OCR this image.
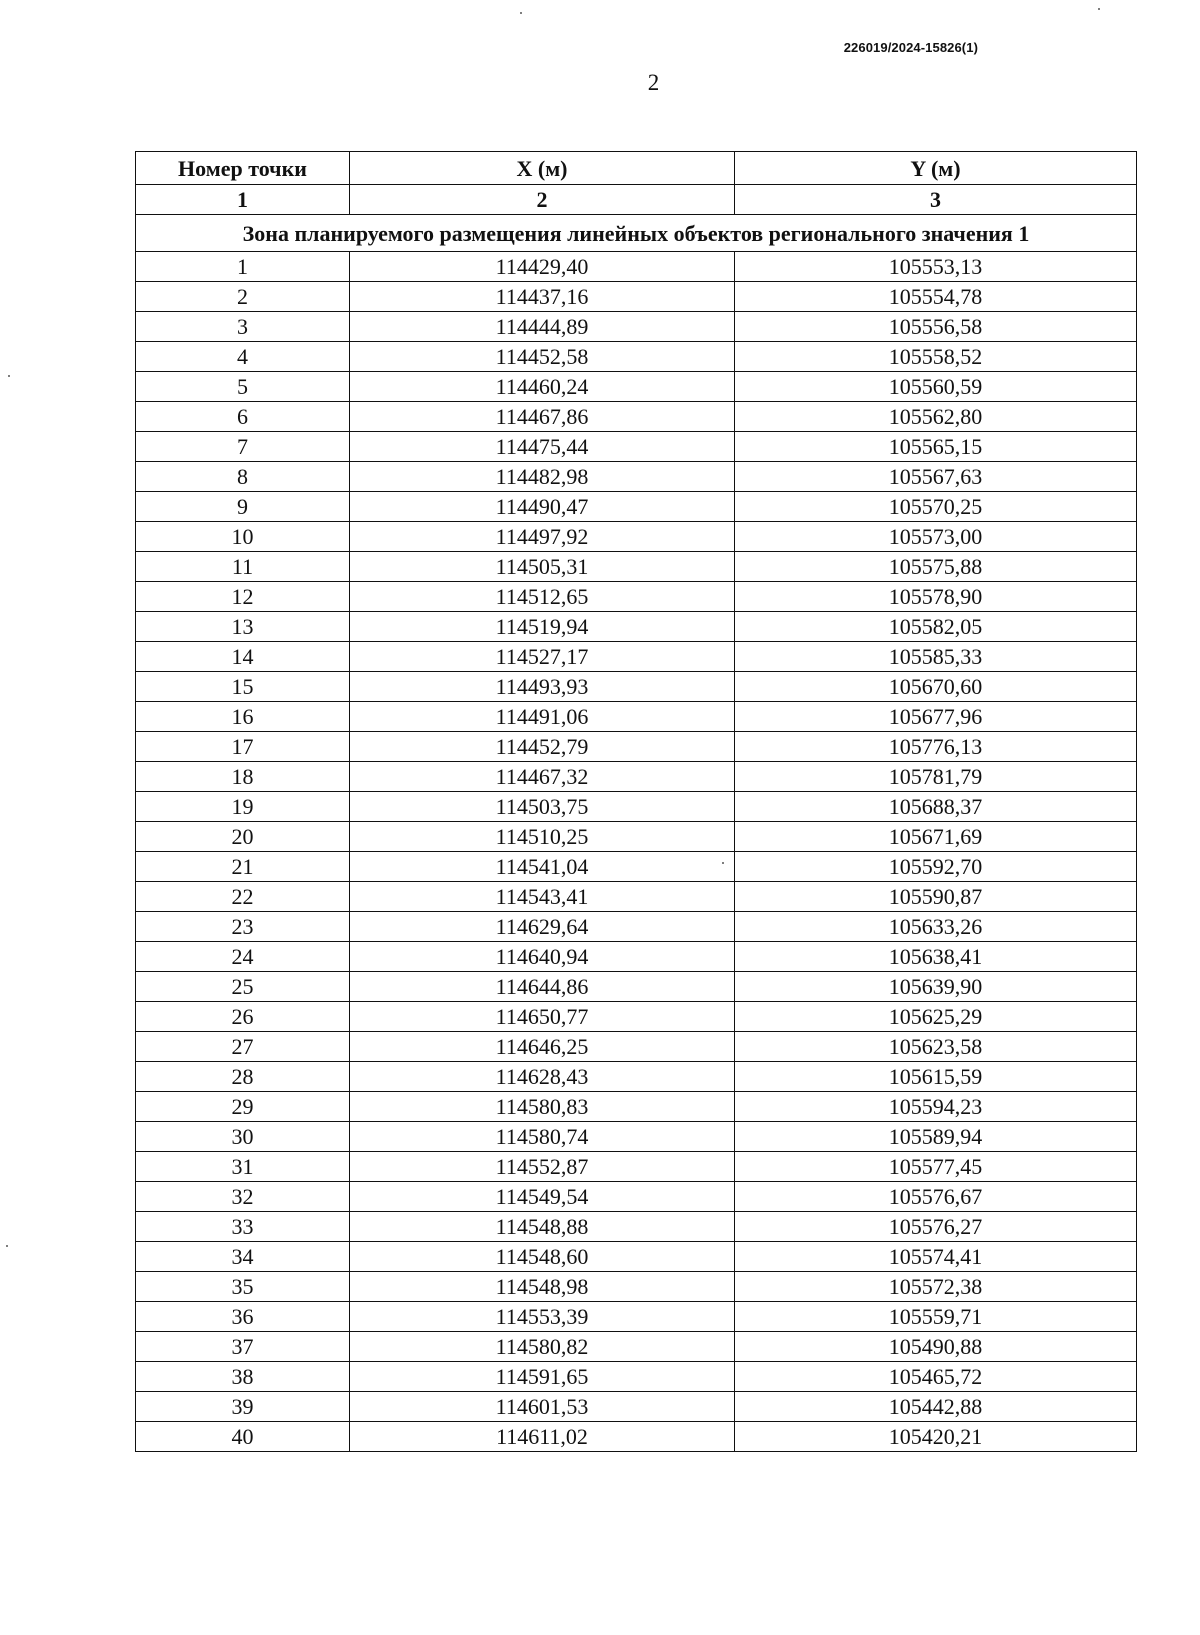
226019/2024-15826(1)
2
Номер точки	X (м)	Y (м)
1	2	3
Зона планируемого размещения линейных объектов регионального значения 1		
1	114429,40	105553,13
2	114437,16	105554,78
3	114444,89	105556,58
4	114452,58	105558,52
5	114460,24	105560,59
6	114467,86	105562,80
7	114475,44	105565,15
8	114482,98	105567,63
9	114490,47	105570,25
10	114497,92	105573,00
11	114505,31	105575,88
12	114512,65	105578,90
13	114519,94	105582,05
14	114527,17	105585,33
15	114493,93	105670,60
16	114491,06	105677,96
17	114452,79	105776,13
18	114467,32	105781,79
19	114503,75	105688,37
20	114510,25	105671,69
21	114541,04	105592,70
22	114543,41	105590,87
23	114629,64	105633,26
24	114640,94	105638,41
25	114644,86	105639,90
26	114650,77	105625,29
27	114646,25	105623,58
28	114628,43	105615,59
29	114580,83	105594,23
30	114580,74	105589,94
31	114552,87	105577,45
32	114549,54	105576,67
33	114548,88	105576,27
34	114548,60	105574,41
35	114548,98	105572,38
36	114553,39	105559,71
37	114580,82	105490,88
38	114591,65	105465,72
39	114601,53	105442,88
40	114611,02	105420,21
